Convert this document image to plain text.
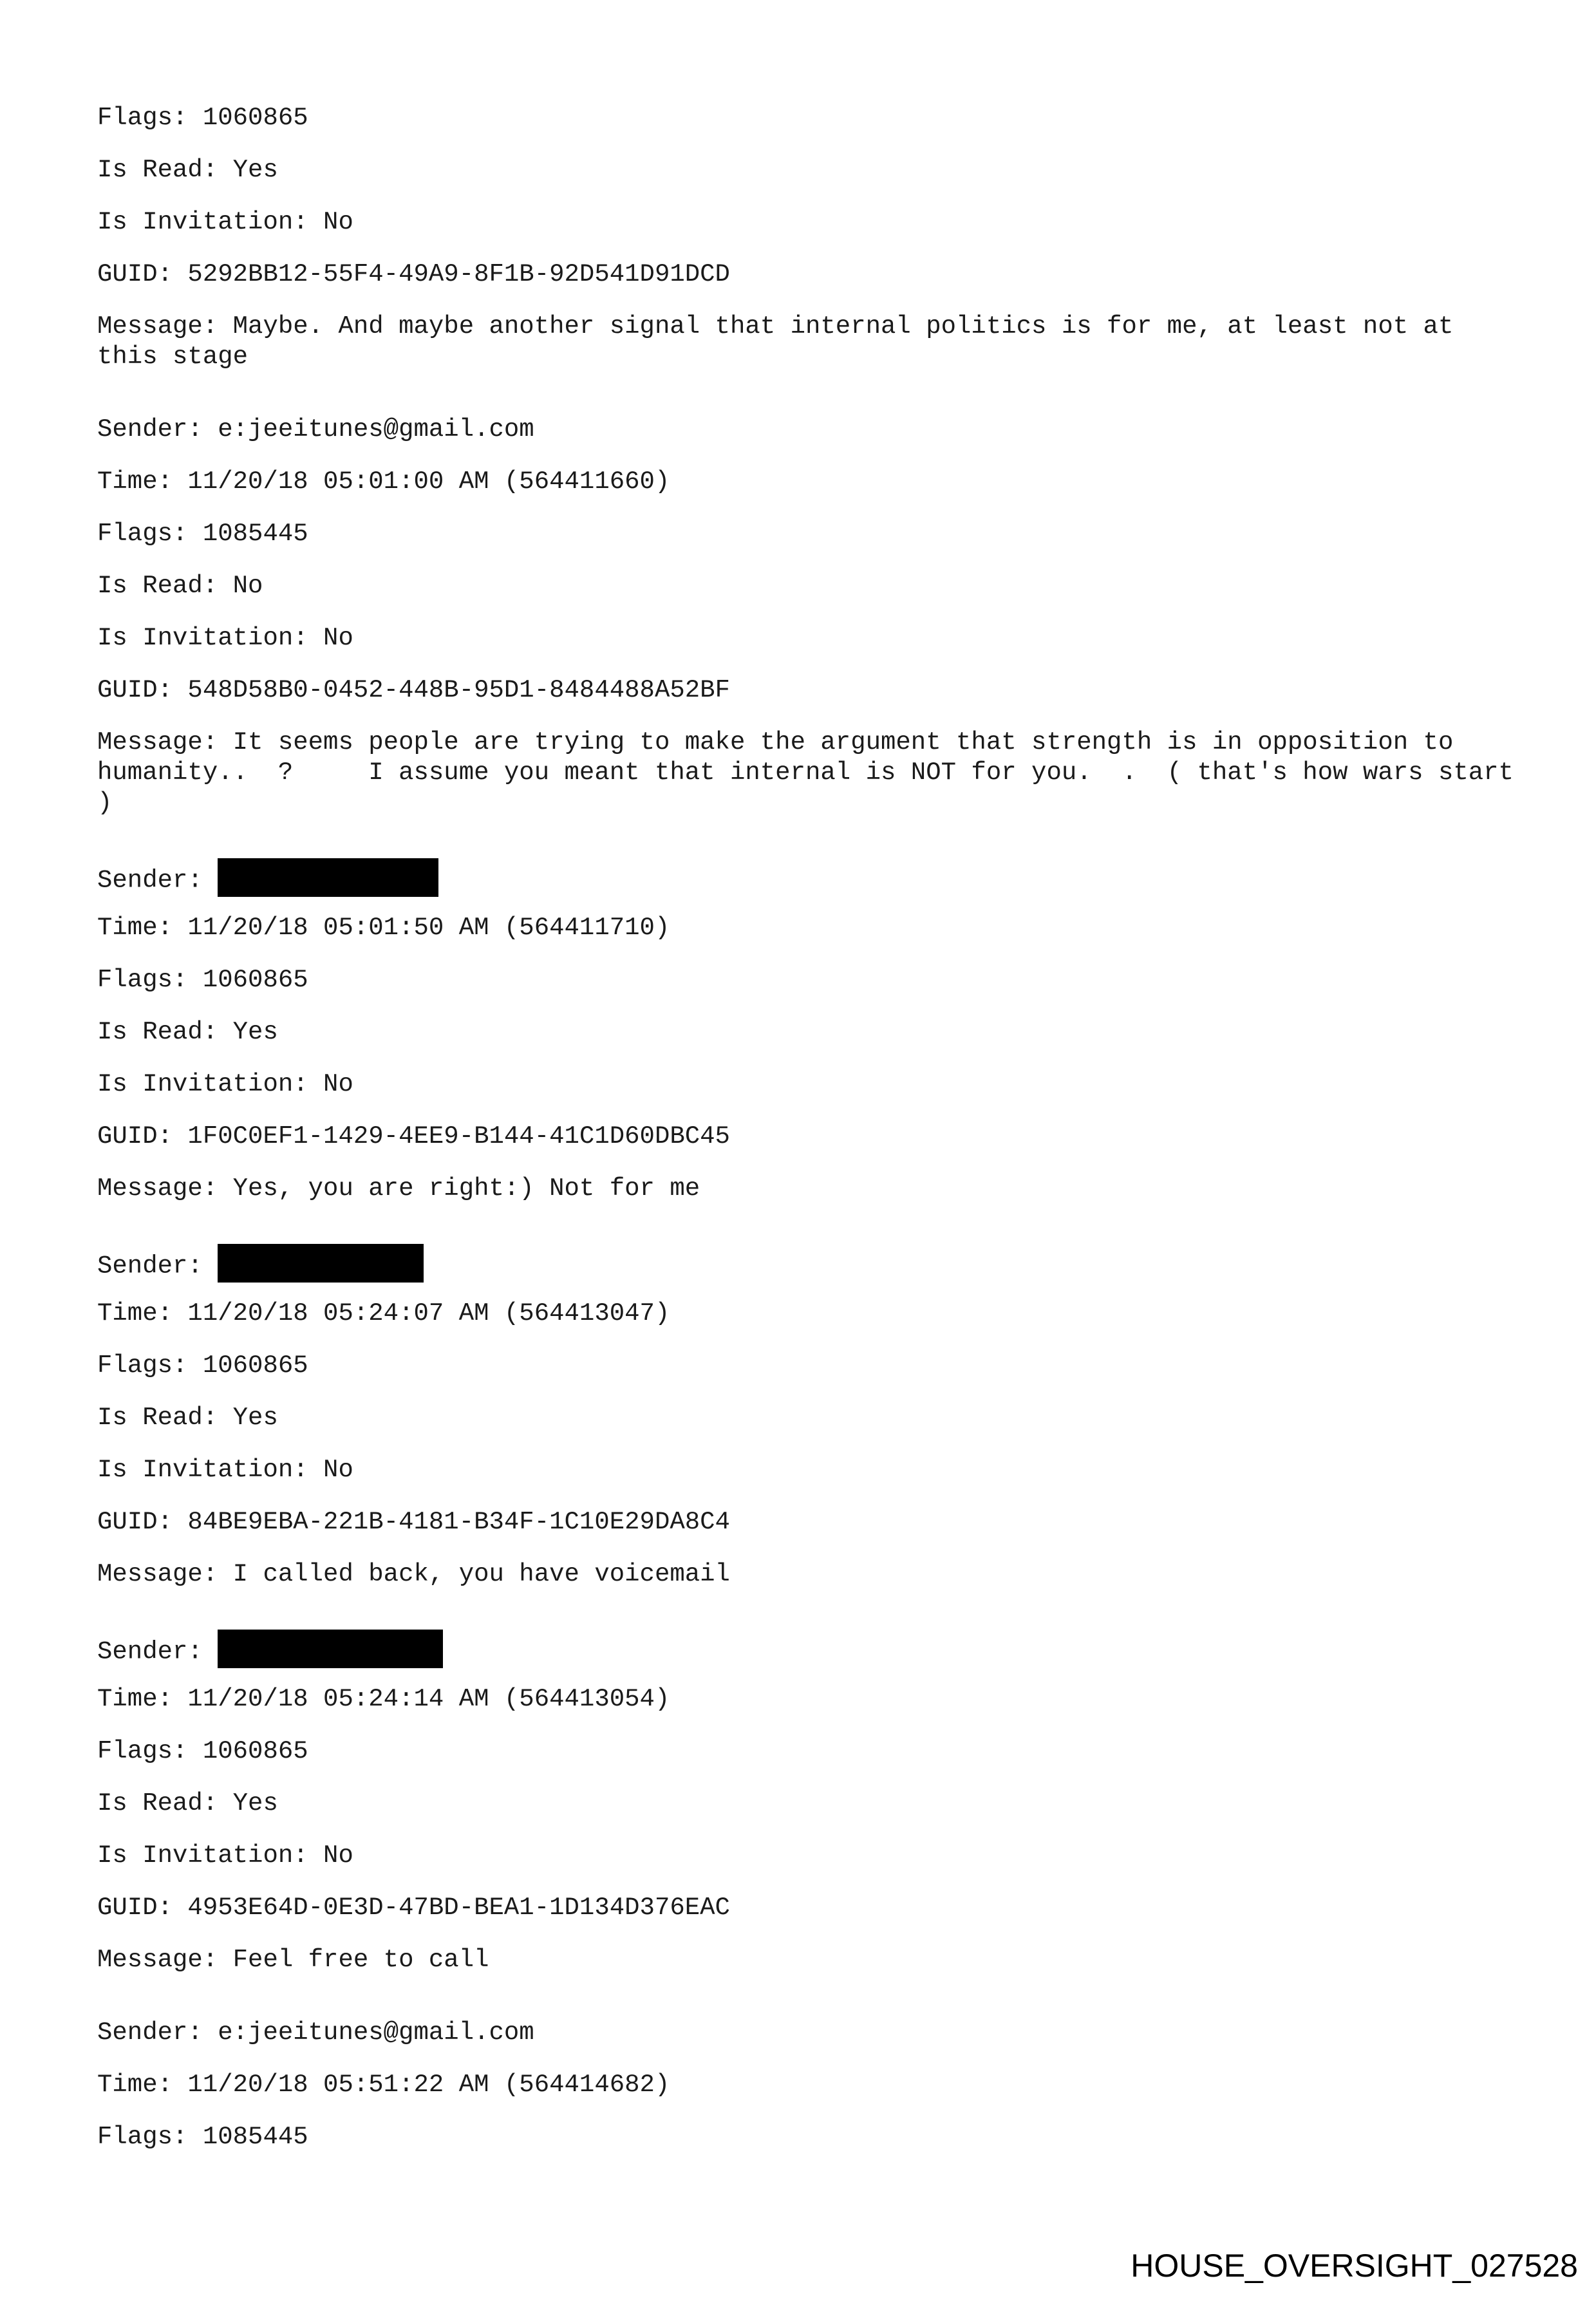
Flags: 1060865

Is Read: Yes

Is Invitation: No

GUID: 5292BB12-55F4-49A9-8F1B-92D541D91DCD

Message: Maybe. And maybe another signal that internal politics is for me, at least not at this stage

Sender: e:jeeitunes@gmail.com

Time: 11/20/18 05:01:00 AM (564411660)

Flags: 1085445

Is Read: No

Is Invitation: No

GUID: 548D58B0-0452-448B-95D1-8484488A52BF

Message: It seems people are trying to make the argument that strength is in opposition to humanity..  ?     I assume you meant that internal is NOT for you.  .  ( that's how wars start )

Sender:

Time: 11/20/18 05:01:50 AM (564411710)

Flags: 1060865

Is Read: Yes

Is Invitation: No

GUID: 1F0C0EF1-1429-4EE9-B144-41C1D60DBC45

Message: Yes, you are right:) Not for me

Sender:

Time: 11/20/18 05:24:07 AM (564413047)

Flags: 1060865

Is Read: Yes

Is Invitation: No

GUID: 84BE9EBA-221B-4181-B34F-1C10E29DA8C4

Message: I called back, you have voicemail

Sender:

Time: 11/20/18 05:24:14 AM (564413054)

Flags: 1060865

Is Read: Yes

Is Invitation: No

GUID: 4953E64D-0E3D-47BD-BEA1-1D134D376EAC

Message: Feel free to call

Sender: e:jeeitunes@gmail.com

Time: 11/20/18 05:51:22 AM (564414682)

Flags: 1085445

HOUSE_OVERSIGHT_027528
